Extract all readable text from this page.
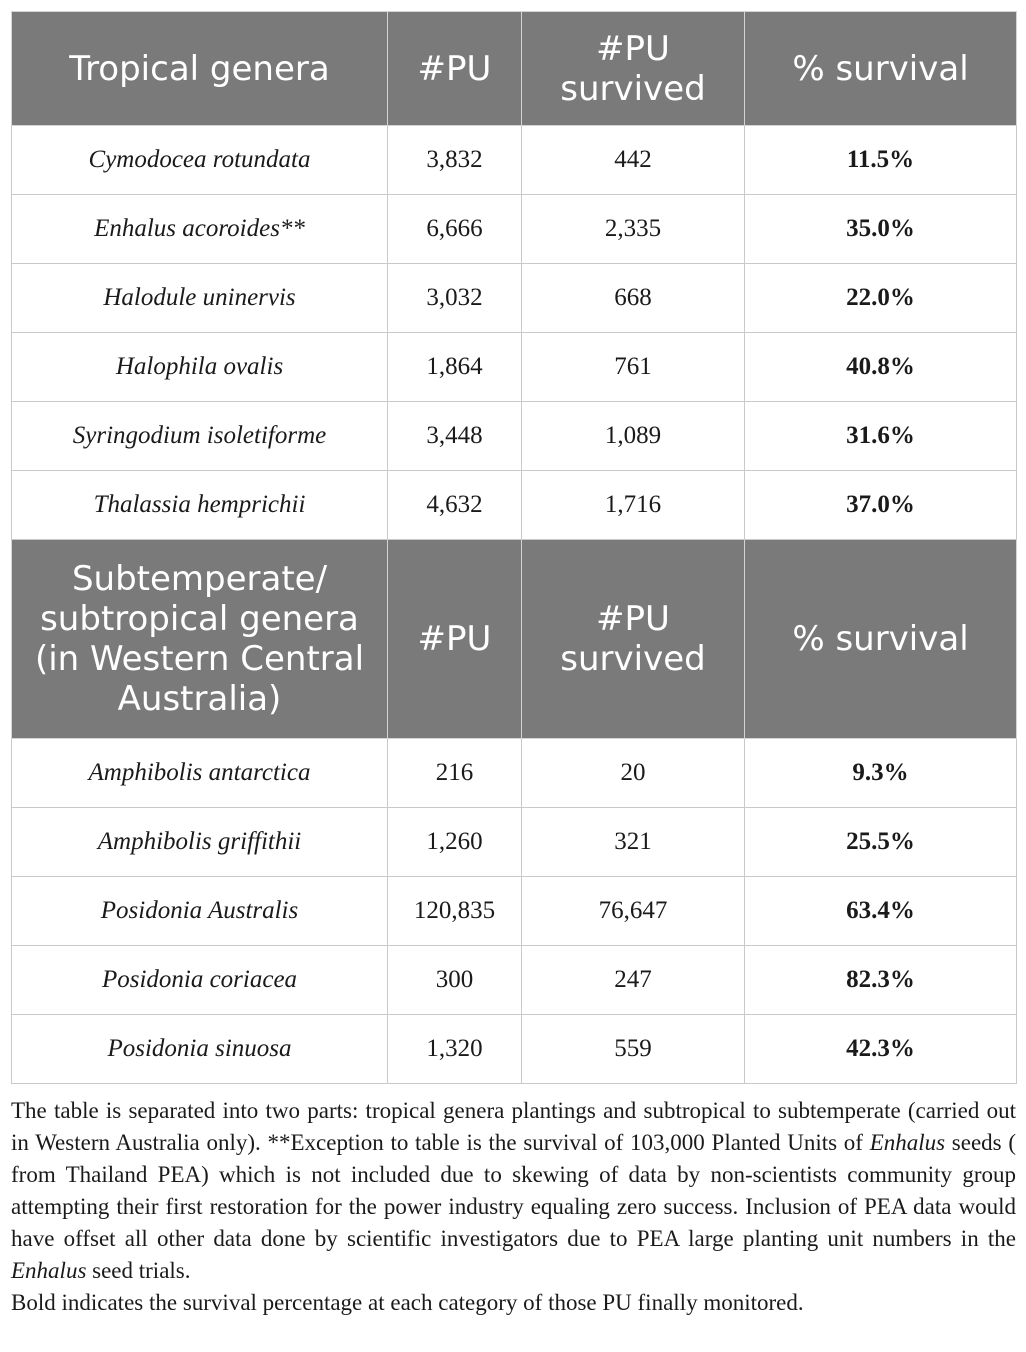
Tropical genera	#PU	#PU survived	% survival
Cymodocea rotundata	3,832	442	11.5%
Enhalus acoroides**	6,666	2,335	35.0%
Halodule uninervis	3,032	668	22.0%
Halophila ovalis	1,864	761	40.8%
Syringodium isoletiforme	3,448	1,089	31.6%
Thalassia hemprichii	4,632	1,716	37.0%
Subtemperate/ subtropical genera (in Western Central Australia)	#PU	#PU survived	% survival
Amphibolis antarctica	216	20	9.3%
Amphibolis griffithii	1,260	321	25.5%
Posidonia Australis	120,835	76,647	63.4%
Posidonia coriacea	300	247	82.3%
Posidonia sinuosa	1,320	559	42.3%

The table is separated into two parts: tropical genera plantings and subtropical to subtemperate (carried out in Western Australia only). **Exception to table is the survival of 103,000 Planted Units of Enhalus seeds ( from Thailand PEA) which is not included due to skewing of data by non-scientists community group attempting their first restoration for the power industry equaling zero success. Inclusion of PEA data would have offset all other data done by scientific investigators due to PEA large planting unit numbers in the Enhalus seed trials.

Bold indicates the survival percentage at each category of those PU finally monitored.
